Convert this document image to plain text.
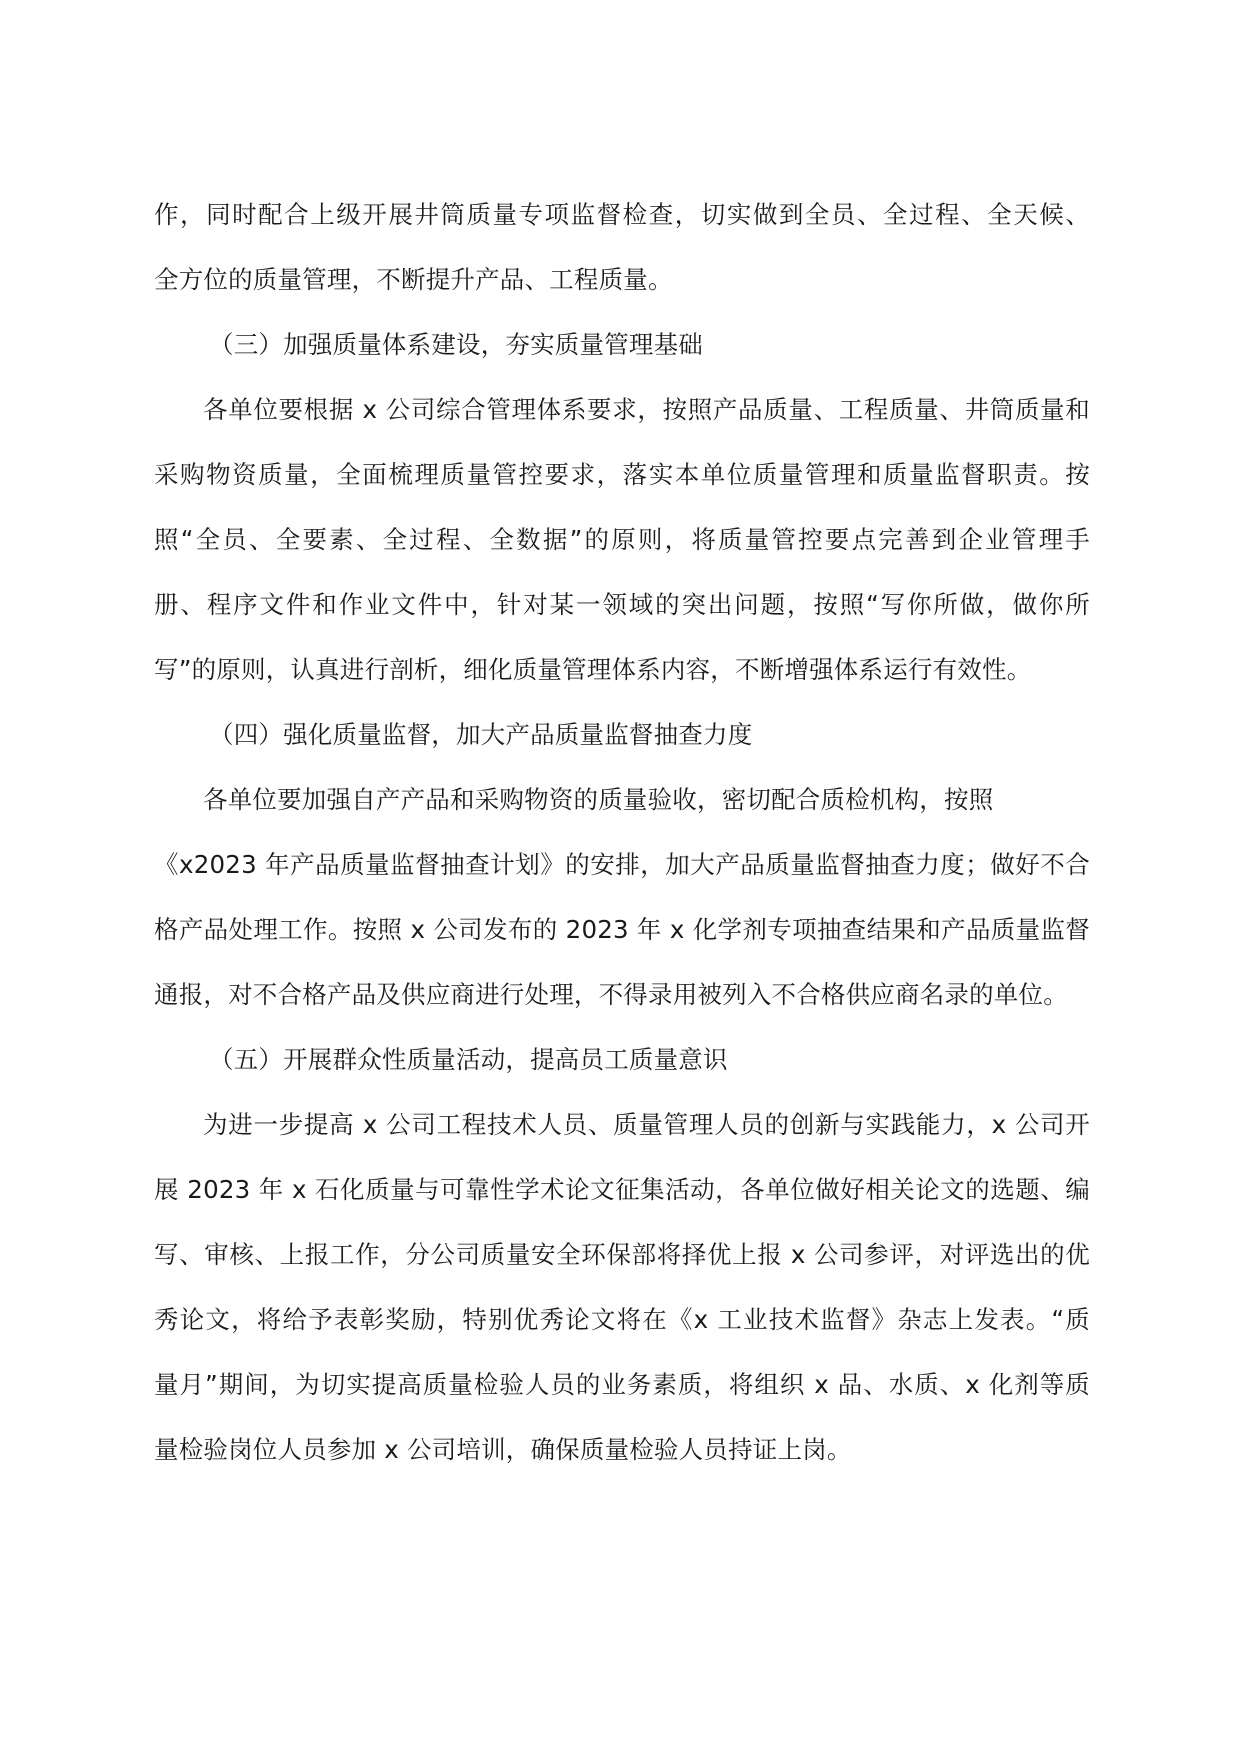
作，同时配合上级开展井筒质量专项监督检查，切实做到全员、全过程、全天候、
全方位的质量管理，不断提升产品、工程质量。
（三）加强质量体系建设，夯实质量管理基础
各单位要根据 x 公司综合管理体系要求，按照产品质量、工程质量、井筒质量和
采购物资质量，全面梳理质量管控要求，落实本单位质量管理和质量监督职责。按
照“全员、全要素、全过程、全数据”的原则，将质量管控要点完善到企业管理手
册、程序文件和作业文件中，针对某一领域的突出问题，按照“写你所做，做你所
写”的原则，认真进行剖析，细化质量管理体系内容，不断增强体系运行有效性。
（四）强化质量监督，加大产品质量监督抽查力度
各单位要加强自产产品和采购物资的质量验收，密切配合质检机构，按照
《x2023 年产品质量监督抽查计划》的安排，加大产品质量监督抽查力度；做好不合
格产品处理工作。按照 x 公司发布的 2023 年 x 化学剂专项抽查结果和产品质量监督
通报，对不合格产品及供应商进行处理，不得录用被列入不合格供应商名录的单位。
（五）开展群众性质量活动，提高员工质量意识
为进一步提高 x 公司工程技术人员、质量管理人员的创新与实践能力，x 公司开
展 2023 年 x 石化质量与可靠性学术论文征集活动，各单位做好相关论文的选题、编
写、审核、上报工作，分公司质量安全环保部将择优上报 x 公司参评，对评选出的优
秀论文，将给予表彰奖励，特别优秀论文将在《x 工业技术监督》杂志上发表。“质
量月”期间，为切实提高质量检验人员的业务素质，将组织 x 品、水质、x 化剂等质
量检验岗位人员参加 x 公司培训，确保质量检验人员持证上岗。
